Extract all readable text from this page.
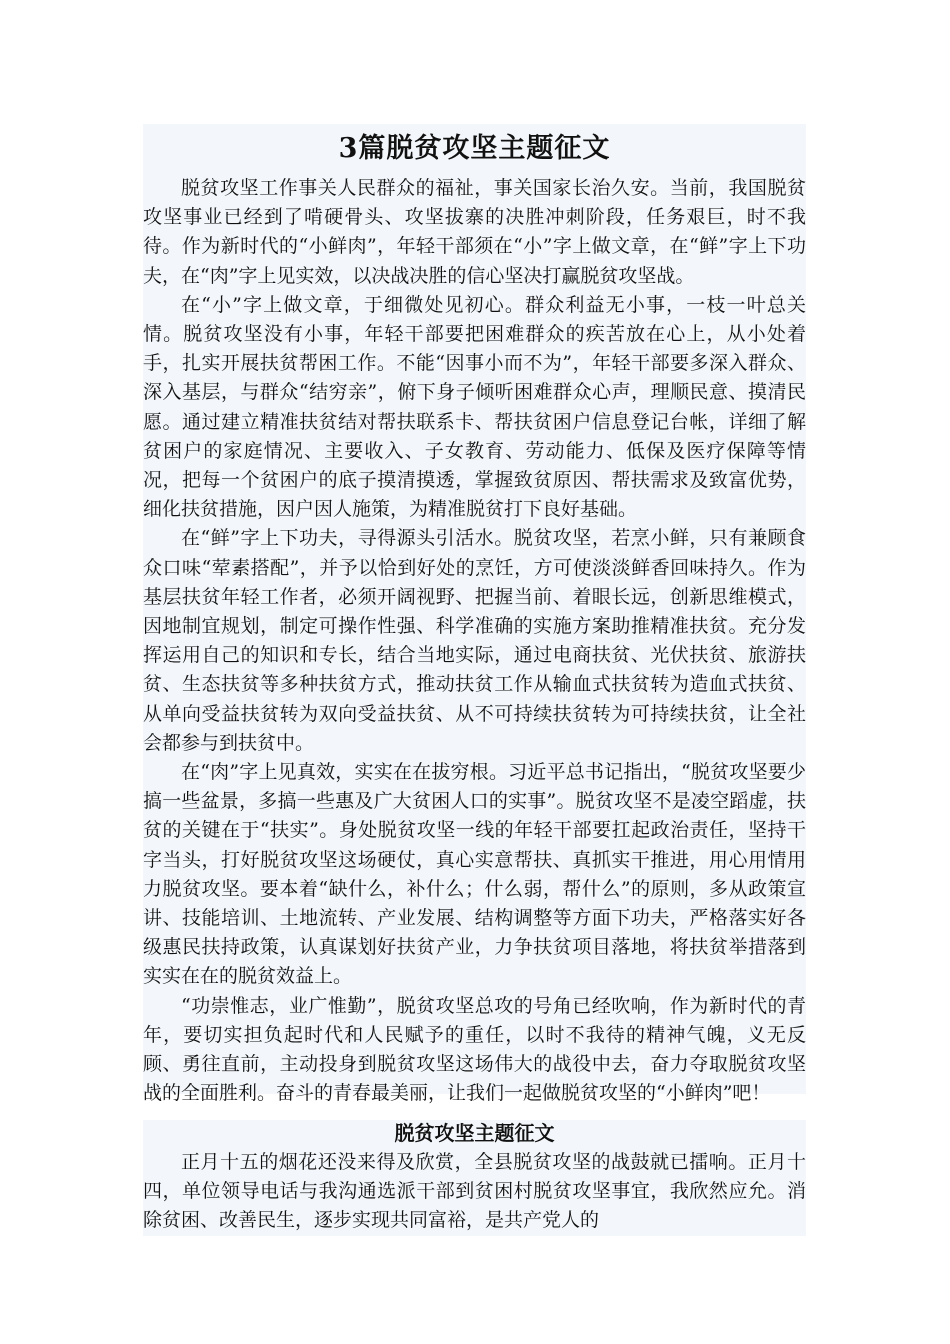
3篇脱贫攻坚主题征文

脱贫攻坚工作事关人民群众的福祉，事关国家长治久安。当前，我国脱贫攻坚事业已经到了啃硬骨头、攻坚拔寨的决胜冲刺阶段，任务艰巨，时不我待。作为新时代的“小鲜肉”，年轻干部须在“小”字上做文章，在“鲜”字上下功夫，在“肉”字上见实效，以决战决胜的信心坚决打赢脱贫攻坚战。

在“小”字上做文章，于细微处见初心。群众利益无小事，一枝一叶总关情。脱贫攻坚没有小事，年轻干部要把困难群众的疾苦放在心上，从小处着手，扎实开展扶贫帮困工作。不能“因事小而不为”，年轻干部要多深入群众、深入基层，与群众“结穷亲”，俯下身子倾听困难群众心声，理顺民意、摸清民愿。通过建立精准扶贫结对帮扶联系卡、帮扶贫困户信息登记台帐，详细了解贫困户的家庭情况、主要收入、子女教育、劳动能力、低保及医疗保障等情况，把每一个贫困户的底子摸清摸透，掌握致贫原因、帮扶需求及致富优势，细化扶贫措施，因户因人施策，为精准脱贫打下良好基础。

在“鲜”字上下功夫，寻得源头引活水。脱贫攻坚，若烹小鲜，只有兼顾食众口味“荤素搭配”，并予以恰到好处的烹饪，方可使淡淡鲜香回味持久。作为基层扶贫年轻工作者，必须开阔视野、把握当前、着眼长远，创新思维模式，因地制宜规划，制定可操作性强、科学准确的实施方案助推精准扶贫。充分发挥运用自己的知识和专长，结合当地实际，通过电商扶贫、光伏扶贫、旅游扶贫、生态扶贫等多种扶贫方式，推动扶贫工作从输血式扶贫转为造血式扶贫、从单向受益扶贫转为双向受益扶贫、从不可持续扶贫转为可持续扶贫，让全社会都参与到扶贫中。

在“肉”字上见真效，实实在在拔穷根。习近平总书记指出，“脱贫攻坚要少搞一些盆景，多搞一些惠及广大贫困人口的实事”。脱贫攻坚不是凌空蹈虚，扶贫的关键在于“扶实”。身处脱贫攻坚一线的年轻干部要扛起政治责任，坚持干字当头，打好脱贫攻坚这场硬仗，真心实意帮扶、真抓实干推进，用心用情用力脱贫攻坚。要本着“缺什么，补什么；什么弱，帮什么”的原则，多从政策宣讲、技能培训、土地流转、产业发展、结构调整等方面下功夫，严格落实好各级惠民扶持政策，认真谋划好扶贫产业，力争扶贫项目落地，将扶贫举措落到实实在在的脱贫效益上。

“功崇惟志，业广惟勤”，脱贫攻坚总攻的号角已经吹响，作为新时代的青年，要切实担负起时代和人民赋予的重任，以时不我待的精神气魄，义无反顾、勇往直前，主动投身到脱贫攻坚这场伟大的战役中去，奋力夺取脱贫攻坚战的全面胜利。奋斗的青春最美丽，让我们一起做脱贫攻坚的“小鲜肉”吧！

脱贫攻坚主题征文

正月十五的烟花还没来得及欣赏，全县脱贫攻坚的战鼓就已擂响。正月十四，单位领导电话与我沟通选派干部到贫困村脱贫攻坚事宜，我欣然应允。消除贫困、改善民生，逐步实现共同富裕，是共产党人的
